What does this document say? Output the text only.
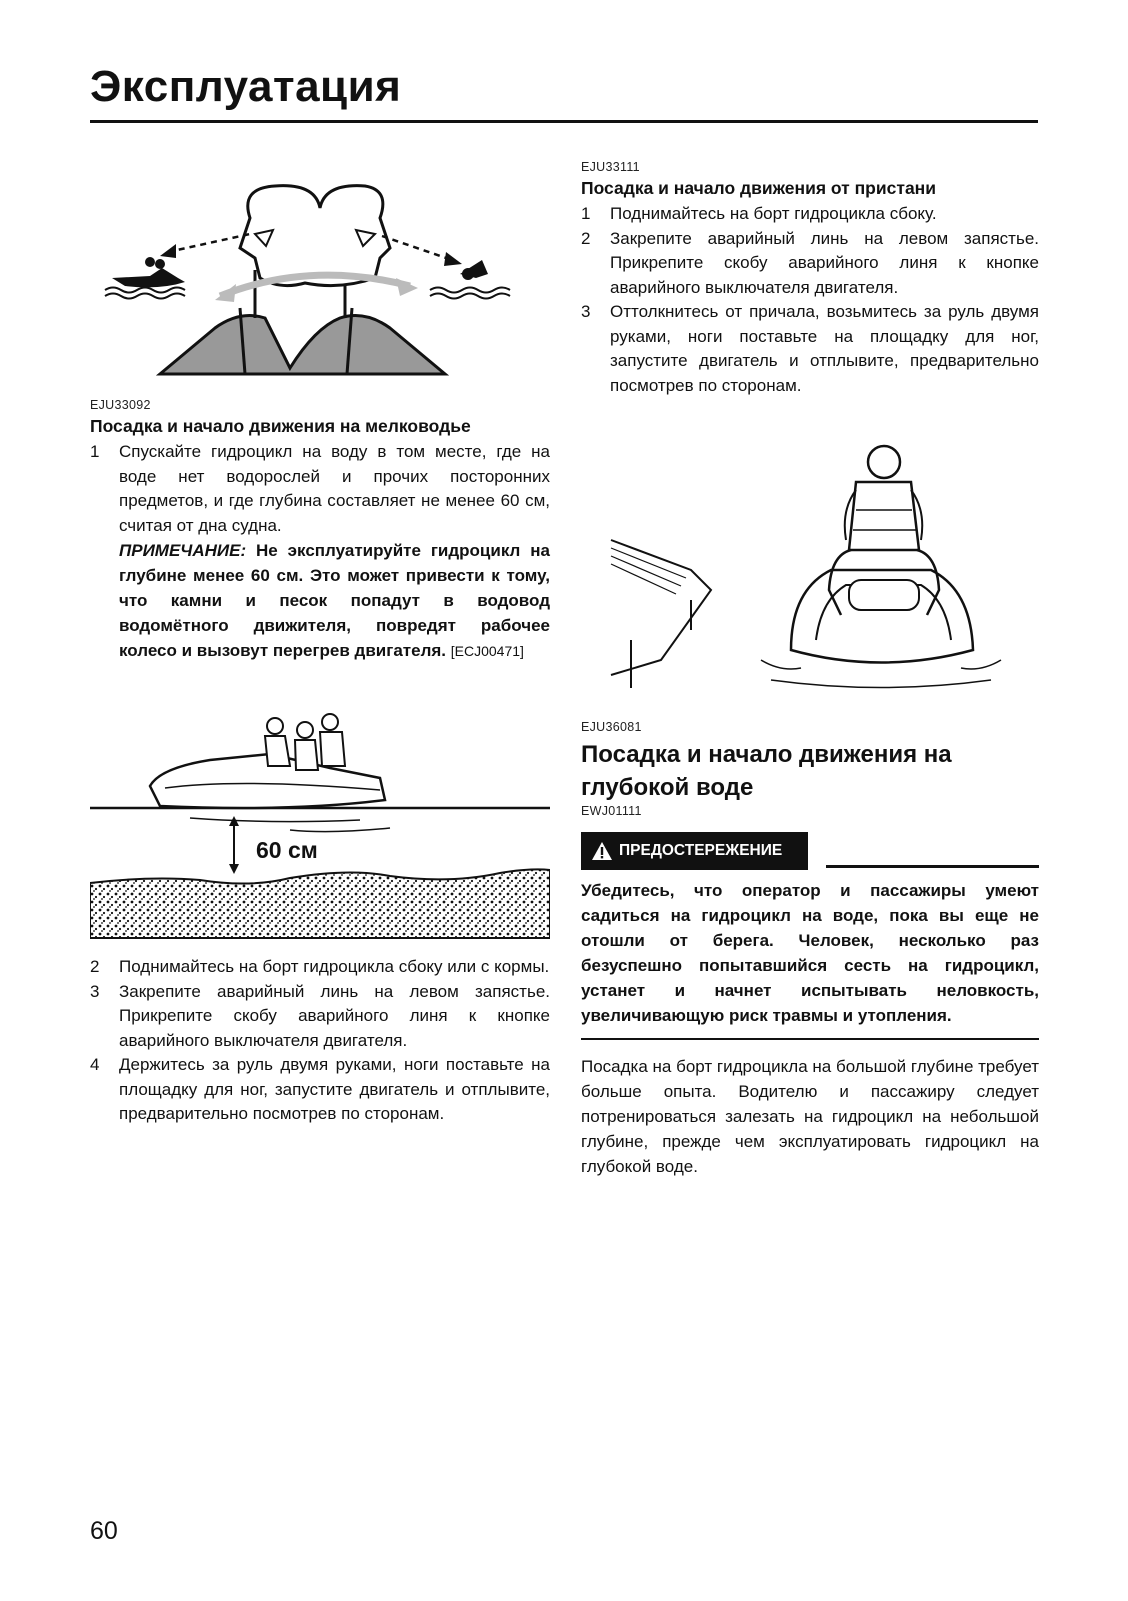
Эксплуатация
EJU33092
Посадка и начало движения на мелководье
1	Спускайте гидроцикл на воду в том месте, где на воде нет водорослей и прочих посторонних предметов, и где глубина составляет не менее 60 см, считая от дна судна.
ПРИМЕЧАНИЕ: Не эксплуатируйте гидроцикл на глубине менее 60 см. Это может привести к тому, что камни и песок попадут в водовод водомётного движителя, повредят рабочее колесо и вызовут перегрев двигателя. [ECJ00471]
60 см
2	Поднимайтесь на борт гидроцикла сбоку или с кормы.
3	Закрепите аварийный линь на левом запястье. Прикрепите скобу аварийного линя к кнопке аварийного выключателя двигателя.
4	Держитесь за руль двумя руками, ноги поставьте на площадку для ног, запустите двигатель и отплывите, предварительно посмотрев по сторонам.
EJU33111
Посадка и начало движения от пристани
1	Поднимайтесь на борт гидроцикла сбоку.
2	Закрепите аварийный линь на левом запястье. Прикрепите скобу аварийного линя к кнопке аварийного выключателя двигателя.
3	Оттолкнитесь от причала, возьмитесь за руль двумя руками, ноги поставьте на площадку для ног, запустите двигатель и отплывите, предварительно посмотрев по сторонам.
EJU36081
Посадка и начало движения на глубокой воде
EWJ01111
ПРЕДОСТЕРЕЖЕНИЕ
Убедитесь, что оператор и пассажиры умеют садиться на гидроцикл на воде, пока вы еще не отошли от берега. Человек, несколько раз безуспешно попытавшийся сесть на гидроцикл, устанет и начнет испытывать неловкость, увеличивающую риск травмы и утопления.
Посадка на борт гидроцикла на большой глубине требует больше опыта. Водителю и пассажиру следует потренироваться залезать на гидроцикл на небольшой глубине, прежде чем эксплуатировать гидроцикл на глубокой воде.
60
